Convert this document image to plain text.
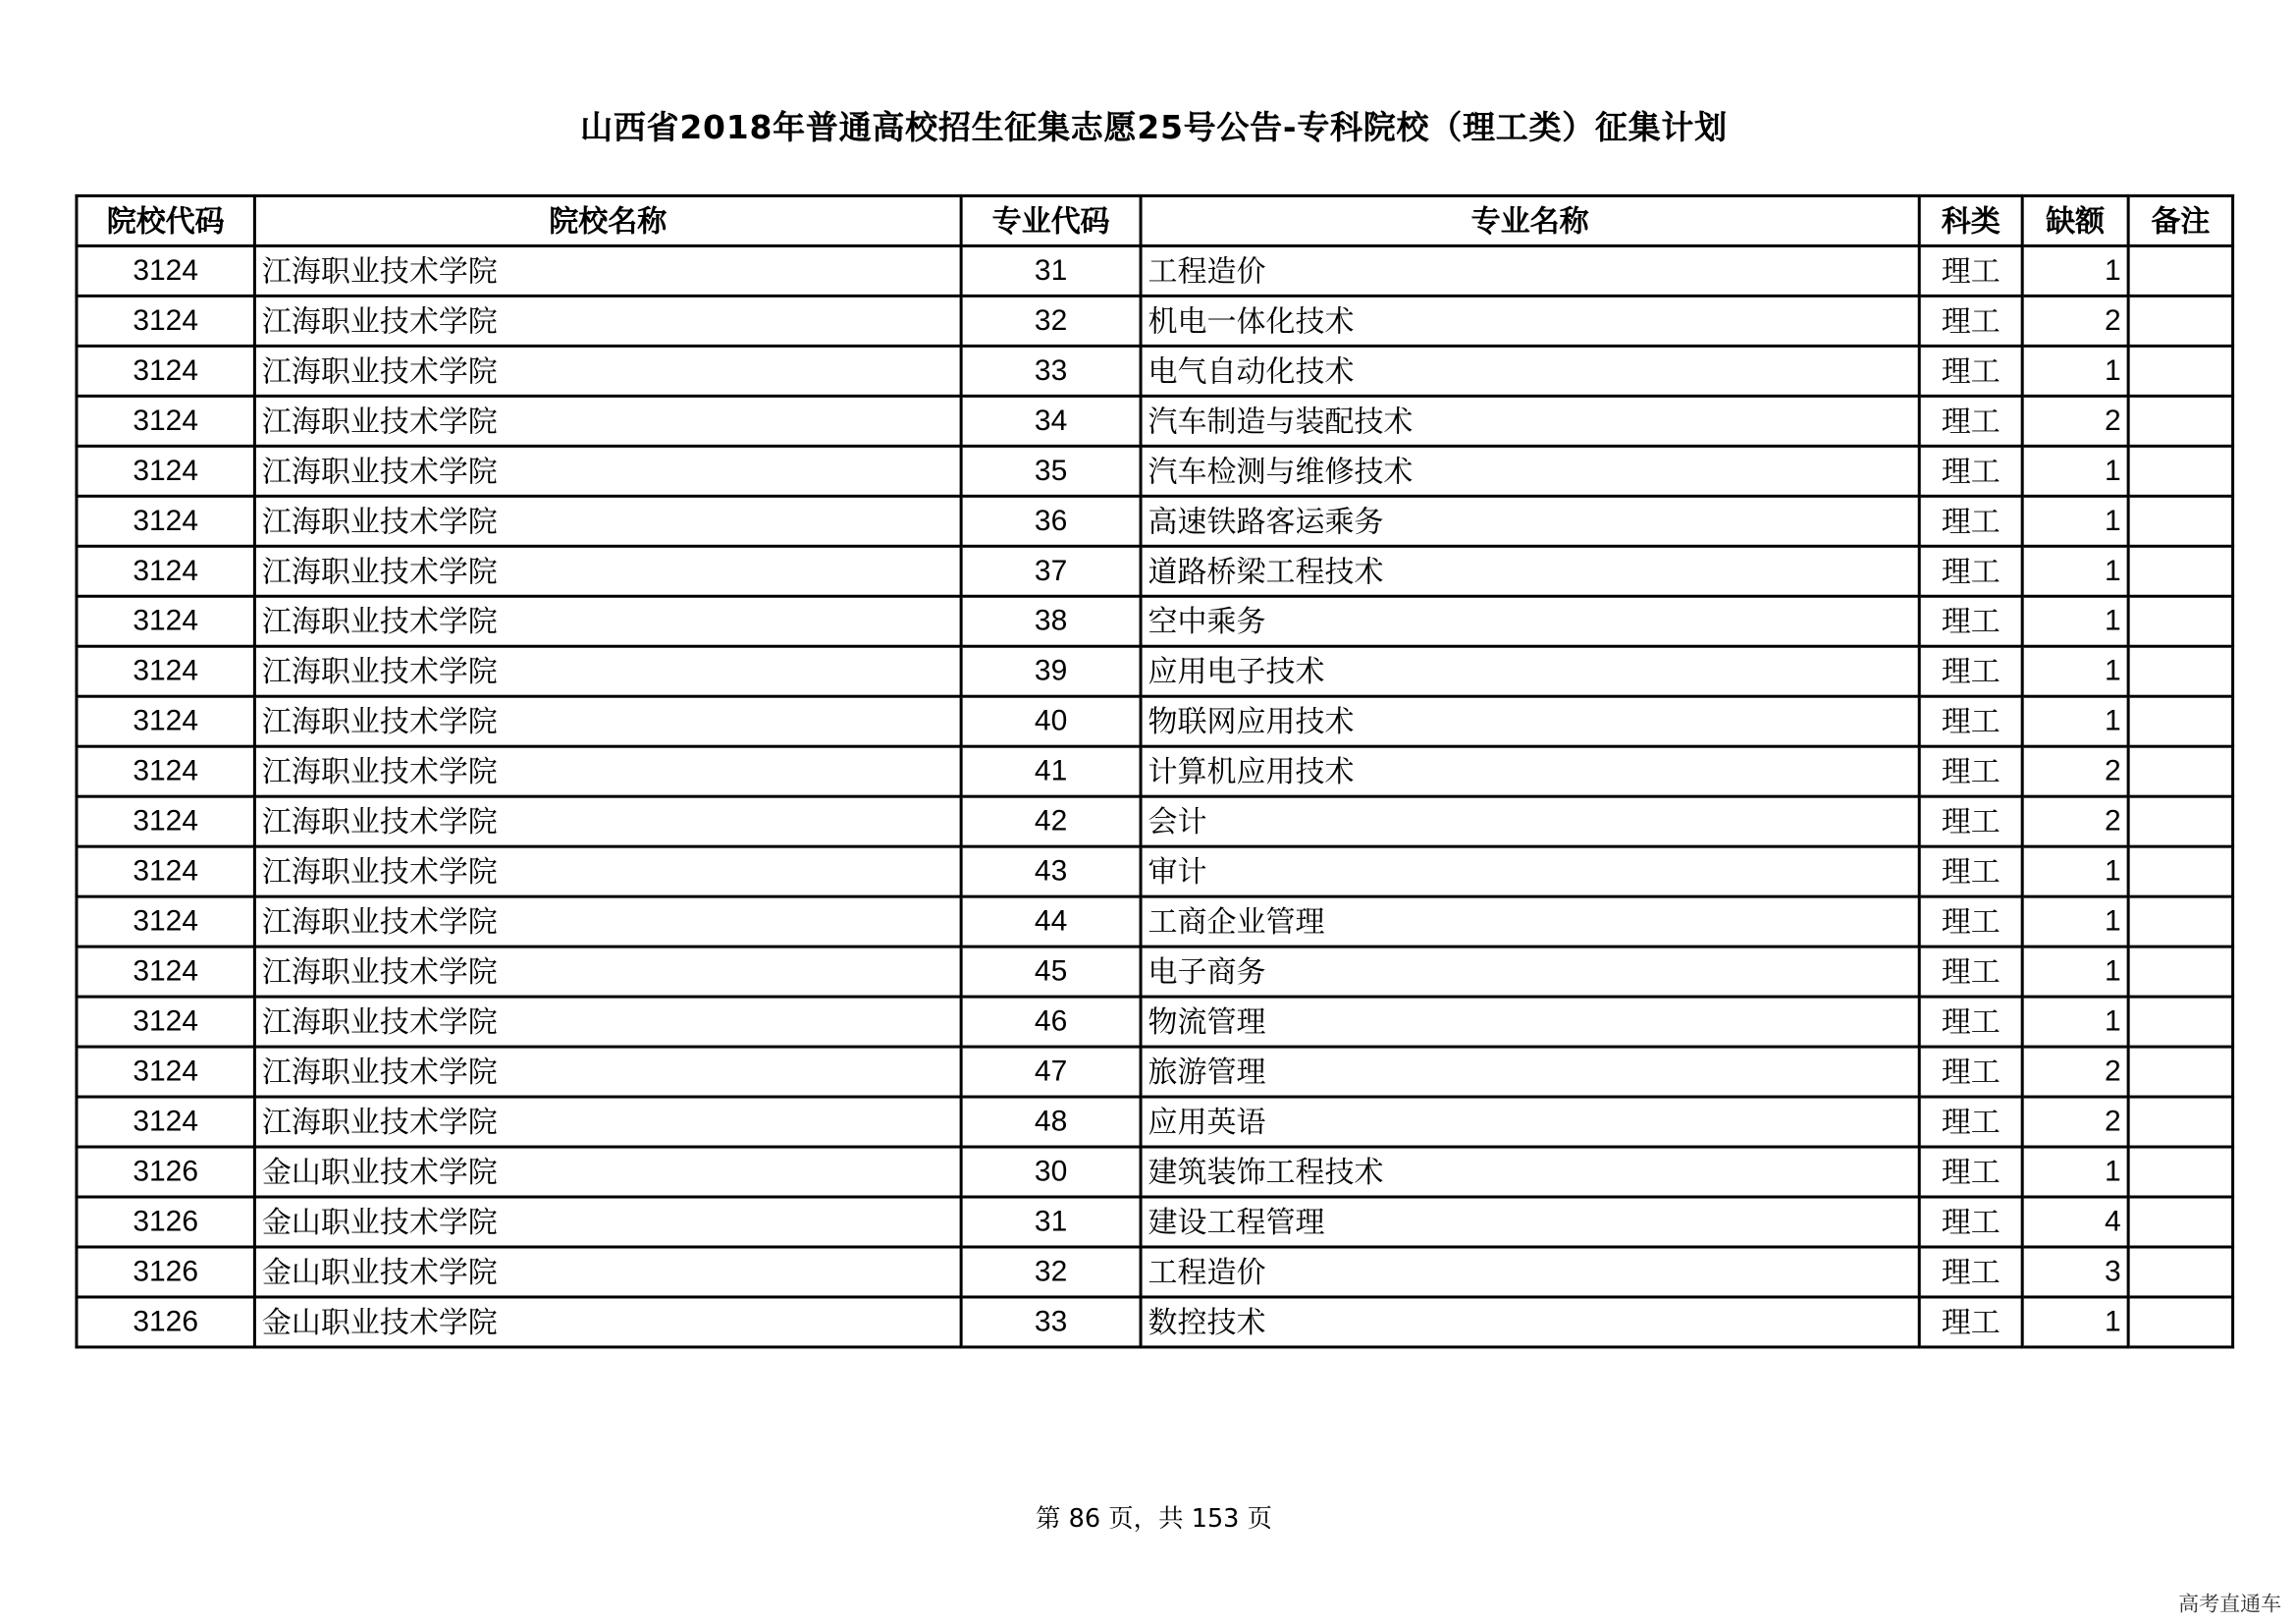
山西省2018年普通高校招生征集志愿25号公告-专科院校（理工类）征集计划
院校代码	院校名称	专业代码	专业名称	科类	缺额	备注
3124	江海职业技术学院	31	工程造价	理工	1	
3124	江海职业技术学院	32	机电一体化技术	理工	2	
3124	江海职业技术学院	33	电气自动化技术	理工	1	
3124	江海职业技术学院	34	汽车制造与装配技术	理工	2	
3124	江海职业技术学院	35	汽车检测与维修技术	理工	1	
3124	江海职业技术学院	36	高速铁路客运乘务	理工	1	
3124	江海职业技术学院	37	道路桥梁工程技术	理工	1	
3124	江海职业技术学院	38	空中乘务	理工	1	
3124	江海职业技术学院	39	应用电子技术	理工	1	
3124	江海职业技术学院	40	物联网应用技术	理工	1	
3124	江海职业技术学院	41	计算机应用技术	理工	2	
3124	江海职业技术学院	42	会计	理工	2	
3124	江海职业技术学院	43	审计	理工	1	
3124	江海职业技术学院	44	工商企业管理	理工	1	
3124	江海职业技术学院	45	电子商务	理工	1	
3124	江海职业技术学院	46	物流管理	理工	1	
3124	江海职业技术学院	47	旅游管理	理工	2	
3124	江海职业技术学院	48	应用英语	理工	2	
3126	金山职业技术学院	30	建筑装饰工程技术	理工	1	
3126	金山职业技术学院	31	建设工程管理	理工	4	
3126	金山职业技术学院	32	工程造价	理工	3	
3126	金山职业技术学院	33	数控技术	理工	1	
第 86 页，共 153 页
高考直通车
